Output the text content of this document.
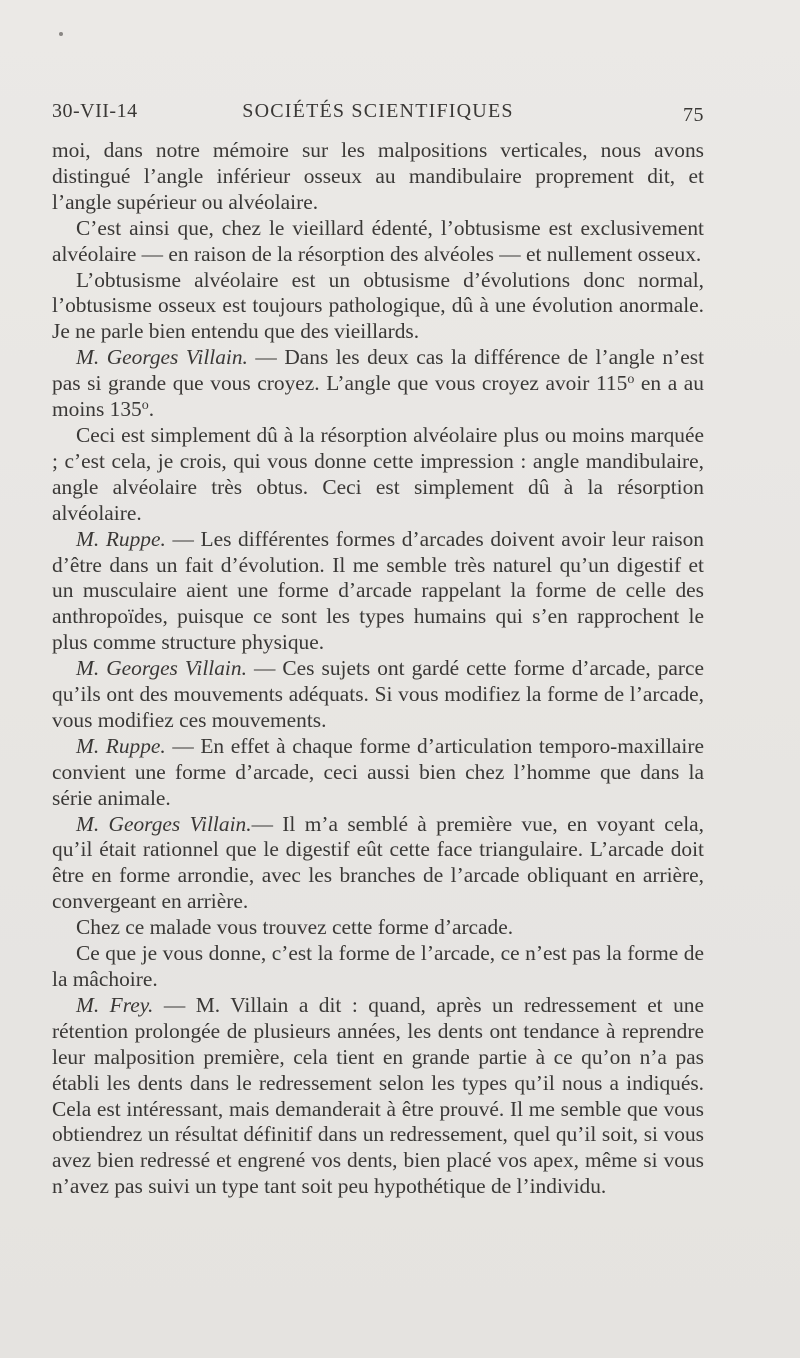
30-VII-14	SOCIÉTÉS SCIENTIFIQUES	75

moi, dans notre mémoire sur les malpositions verticales, nous avons distingué l’angle inférieur osseux au mandibulaire proprement dit, et l’angle supérieur ou alvéolaire.

C’est ainsi que, chez le vieillard édenté, l’obtusisme est exclusivement alvéolaire — en raison de la résorption des alvéoles — et nullement osseux.

L’obtusisme alvéolaire est un obtusisme d’évolutions donc normal, l’obtusisme osseux est toujours pathologique, dû à une évolution anormale. Je ne parle bien entendu que des vieillards.

M. Georges Villain. — Dans les deux cas la différence de l’angle n’est pas si grande que vous croyez. L’angle que vous croyez avoir 115$^o$ en a au moins 135$^o$.

Ceci est simplement dû à la résorption alvéolaire plus ou moins marquée ; c’est cela, je crois, qui vous donne cette impression : angle mandibulaire, angle alvéolaire très obtus. Ceci est simplement dû à la résorption alvéolaire.

M. Ruppe. — Les différentes formes d’arcades doivent avoir leur raison d’être dans un fait d’évolution. Il me semble très naturel qu’un digestif et un musculaire aient une forme d’arcade rappelant la forme de celle des anthropoïdes, puisque ce sont les types humains qui s’en rapprochent le plus comme structure physique.

M. Georges Villain. — Ces sujets ont gardé cette forme d’arcade, parce qu’ils ont des mouvements adéquats. Si vous modifiez la forme de l’arcade, vous modifiez ces mouvements.

M. Ruppe. — En effet à chaque forme d’articulation temporo-maxillaire convient une forme d’arcade, ceci aussi bien chez l’homme que dans la série animale.

M. Georges Villain.— Il m’a semblé à première vue, en voyant cela, qu’il était rationnel que le digestif eût cette face triangulaire. L’arcade doit être en forme arrondie, avec les branches de l’arcade obliquant en arrière, convergeant en arrière.

Chez ce malade vous trouvez cette forme d’arcade.

Ce que je vous donne, c’est la forme de l’arcade, ce n’est pas la forme de la mâchoire.

M. Frey. — M. Villain a dit : quand, après un redressement et une rétention prolongée de plusieurs années, les dents ont tendance à reprendre leur malposition première, cela tient en grande partie à ce qu’on n’a pas établi les dents dans le redressement selon les types qu’il nous a indiqués. Cela est intéressant, mais demanderait à être prouvé. Il me semble que vous obtiendrez un résultat définitif dans un redressement, quel qu’il soit, si vous avez bien redressé et engrené vos dents, bien placé vos apex, même si vous n’avez pas suivi un type tant soit peu hypothétique de l’individu.
